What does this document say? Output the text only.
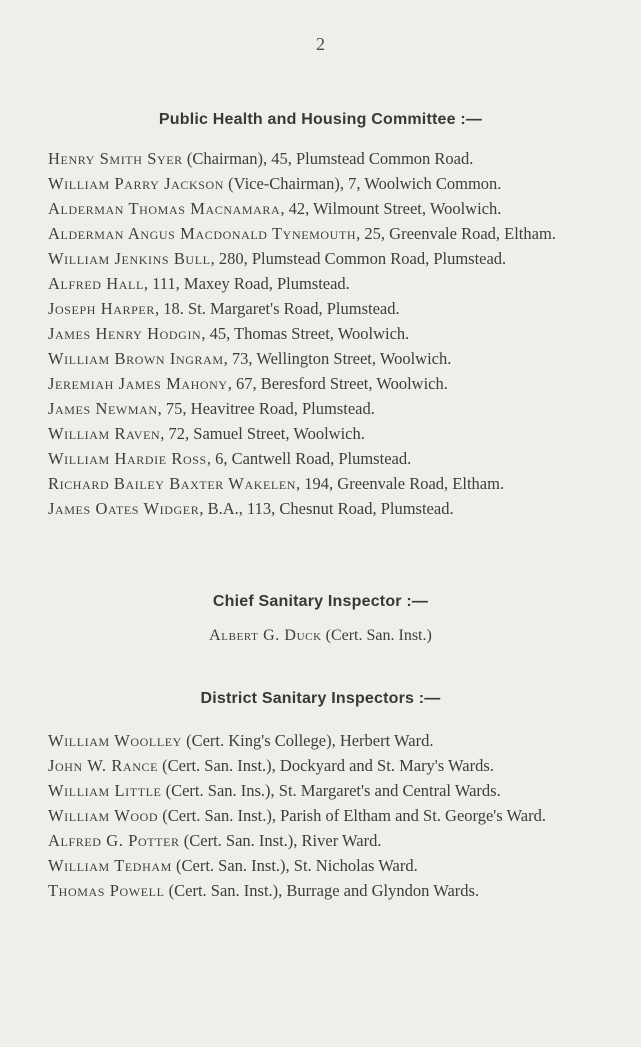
2
Public Health and Housing Committee :—

Henry Smith Syer (Chairman), 45, Plumstead Common Road.

William Parry Jackson (Vice-Chairman), 7, Woolwich Common.

Alderman Thomas Macnamara, 42, Wilmount Street, Woolwich.

Alderman Angus Macdonald Tynemouth, 25, Greenvale Road, Eltham.

William Jenkins Bull, 280, Plumstead Common Road, Plumstead.

Alfred Hall, 111, Maxey Road, Plumstead.

Joseph Harper, 18. St. Margaret's Road, Plumstead.

James Henry Hodgin, 45, Thomas Street, Woolwich.

William Brown Ingram, 73, Wellington Street, Woolwich.

Jeremiah James Mahony, 67, Beresford Street, Woolwich.

James Newman, 75, Heavitree Road, Plumstead.

William Raven, 72, Samuel Street, Woolwich.

William Hardie Ross, 6, Cantwell Road, Plumstead.

Richard Bailey Baxter Wakelen, 194, Greenvale Road, Eltham.

James Oates Widger, B.A., 113, Chesnut Road, Plumstead.

Chief Sanitary Inspector :—
Albert G. Duck (Cert. San. Inst.)
District Sanitary Inspectors :—

William Woolley (Cert. King's College), Herbert Ward.

John W. Rance (Cert. San. Inst.), Dockyard and St. Mary's Wards.

William Little (Cert. San. Ins.), St. Margaret's and Central Wards.

William Wood (Cert. San. Inst.), Parish of Eltham and St. George's Ward.

Alfred G. Potter (Cert. San. Inst.), River Ward.

William Tedham (Cert. San. Inst.), St. Nicholas Ward.

Thomas Powell (Cert. San. Inst.), Burrage and Glyndon Wards.
